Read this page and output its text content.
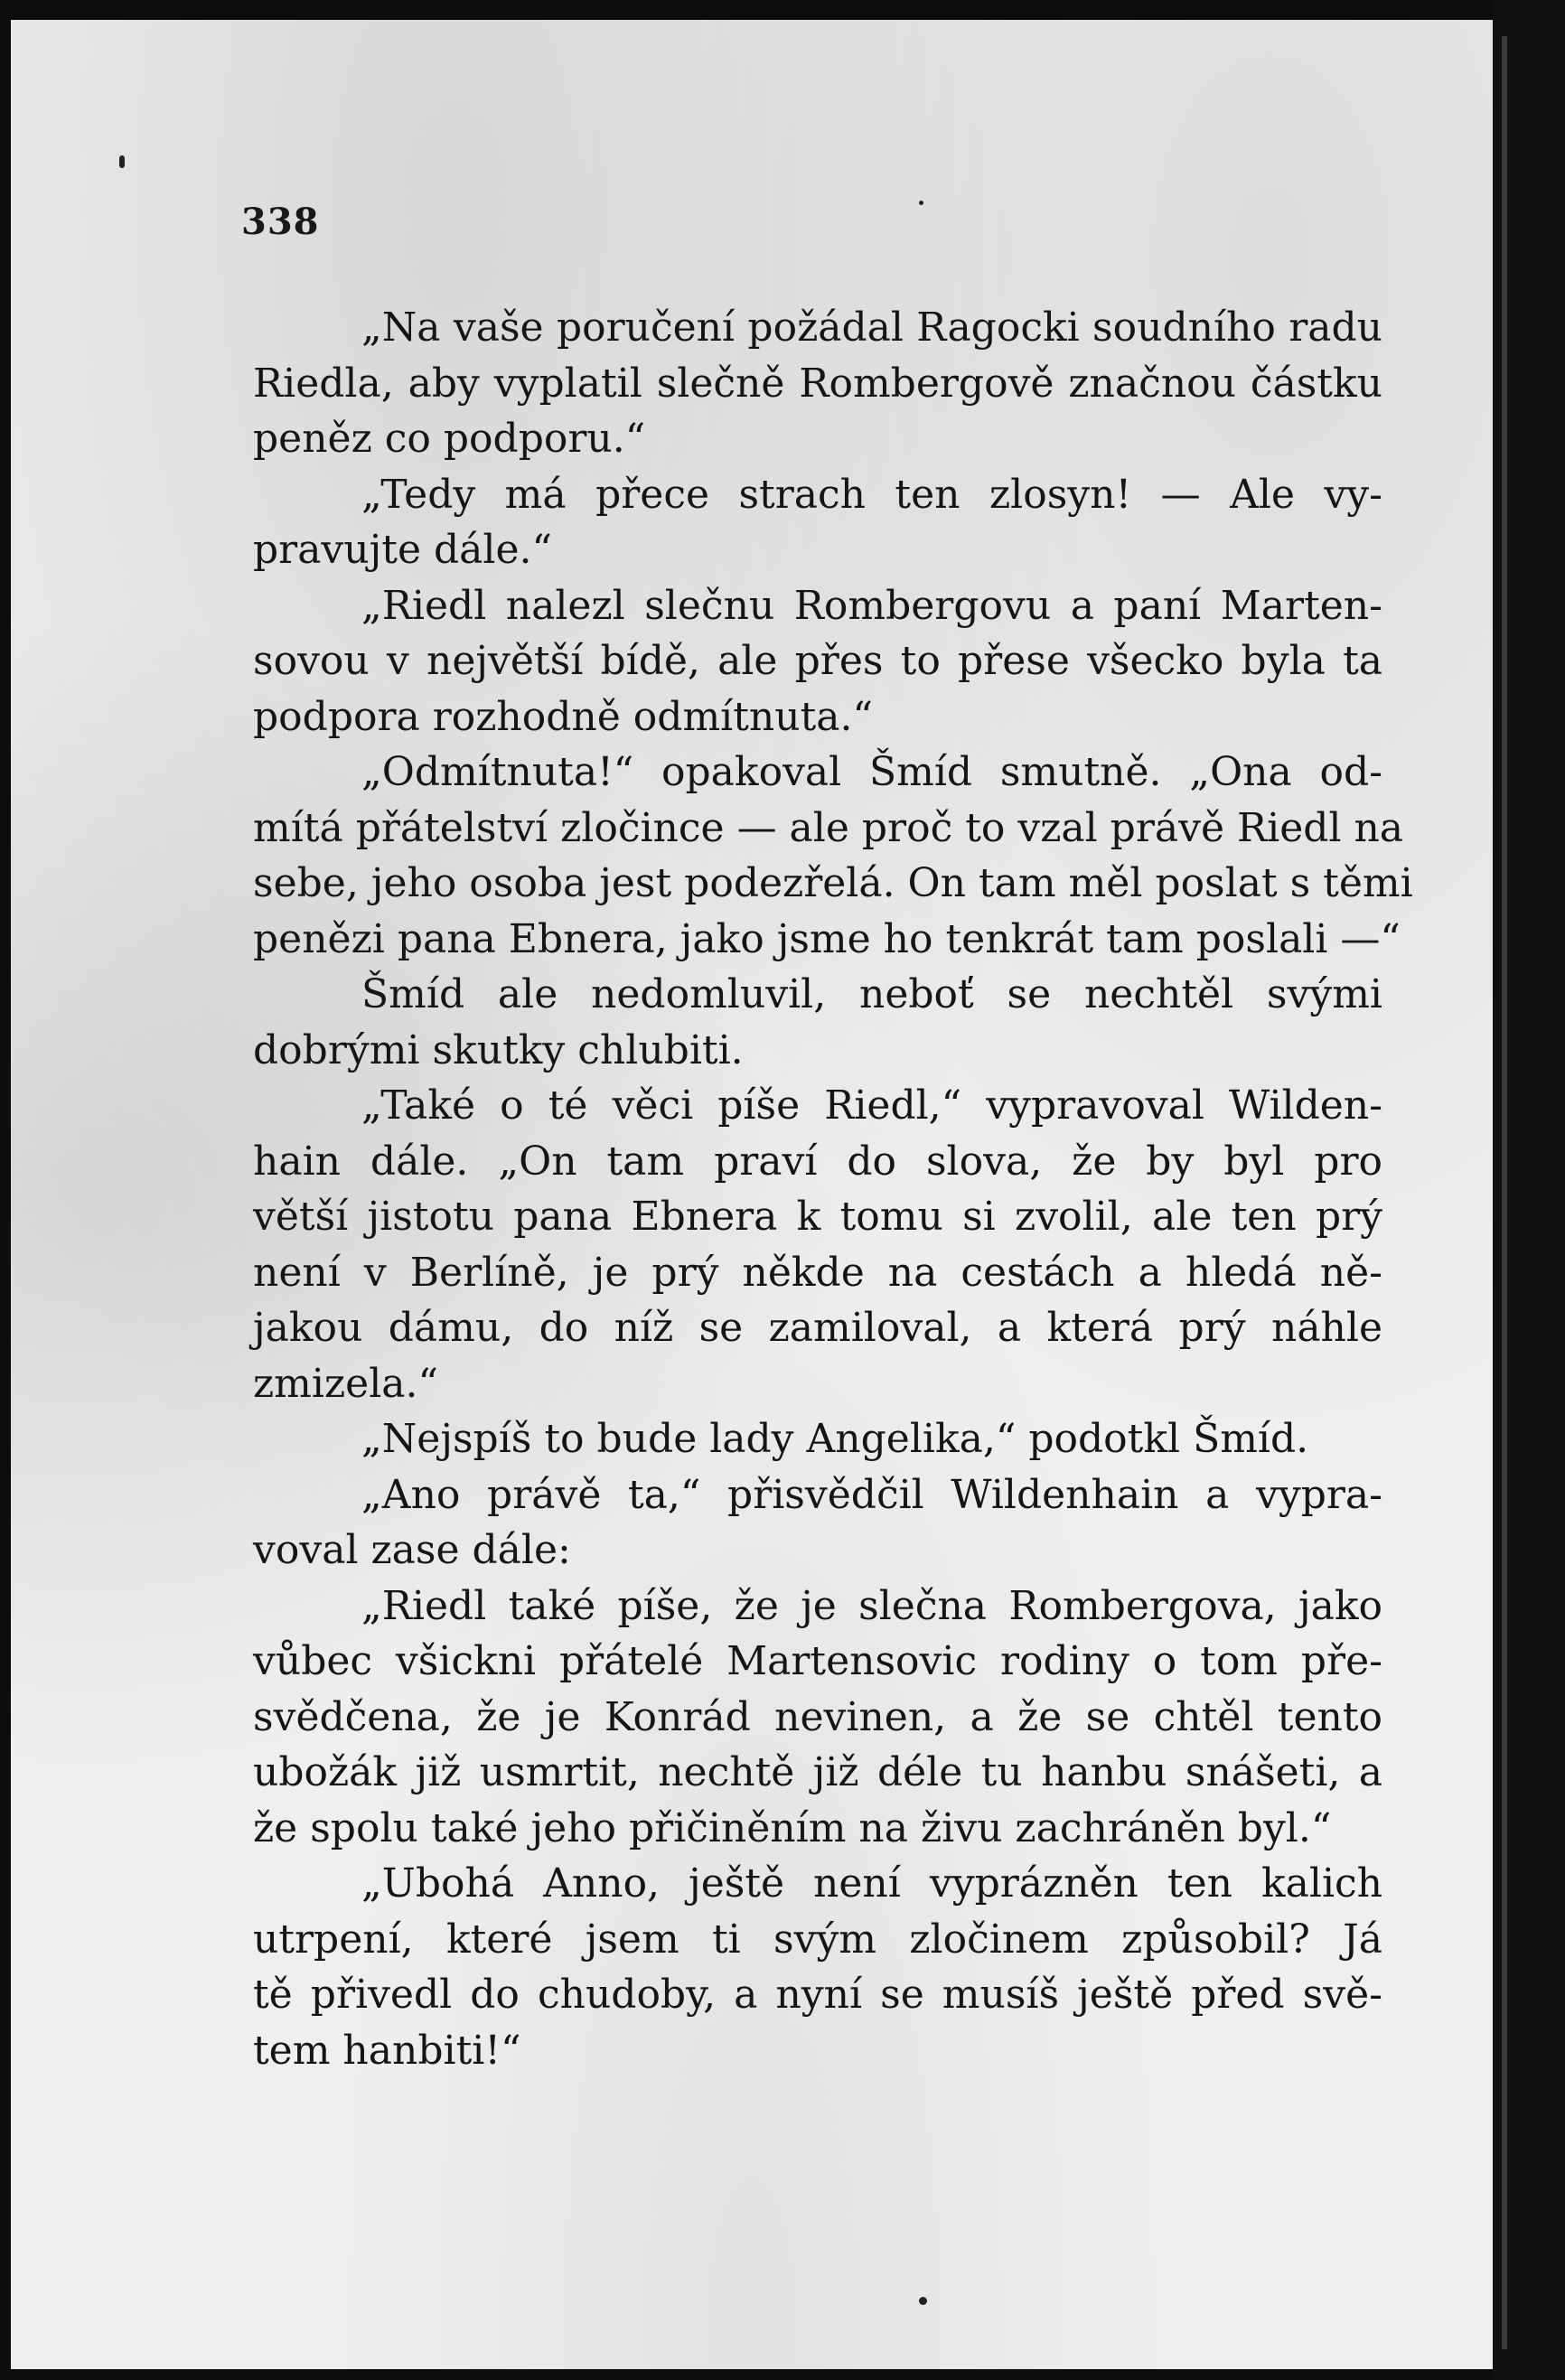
338
„Na vaše poručení požádal Ragocki soudního radu
Riedla, aby vyplatil slečně Rombergově značnou částku
peněz co podporu.“
„Tedy má přece strach ten zlosyn! — Ale vy-
pravujte dále.“
„Riedl nalezl slečnu Rombergovu a paní Marten-
sovou v největší bídě, ale přes to přese všecko byla ta
podpora rozhodně odmítnuta.“
„Odmítnuta!“ opakoval Šmíd smutně. „Ona od-
mítá přátelství zločince — ale proč to vzal právě Riedl na
sebe, jeho osoba jest podezřelá. On tam měl poslat s těmi
penězi pana Ebnera, jako jsme ho tenkrát tam poslali —“
Šmíd ale nedomluvil, neboť se nechtěl svými
dobrými skutky chlubiti.
„Také o té věci píše Riedl,“ vypravoval Wilden-
hain dále. „On tam praví do slova, že by byl pro
větší jistotu pana Ebnera k tomu si zvolil, ale ten prý
není v Berlíně, je prý někde na cestách a hledá ně-
jakou dámu, do níž se zamiloval, a která prý náhle
zmizela.“
„Nejspíš to bude lady Angelika,“ podotkl Šmíd.
„Ano právě ta,“ přisvědčil Wildenhain a vypra-
voval zase dále:
„Riedl také píše, že je slečna Rombergova, jako
vůbec všickni přátelé Martensovic rodiny o tom pře-
svědčena, že je Konrád nevinen, a že se chtěl tento
ubožák již usmrtit, nechtě již déle tu hanbu snášeti, a
že spolu také jeho přičiněním na živu zachráněn byl.“
„Ubohá Anno, ještě není vyprázněn ten kalich
utrpení, které jsem ti svým zločinem způsobil? Já
tě přivedl do chudoby, a nyní se musíš ještě před svě-
tem hanbiti!“
